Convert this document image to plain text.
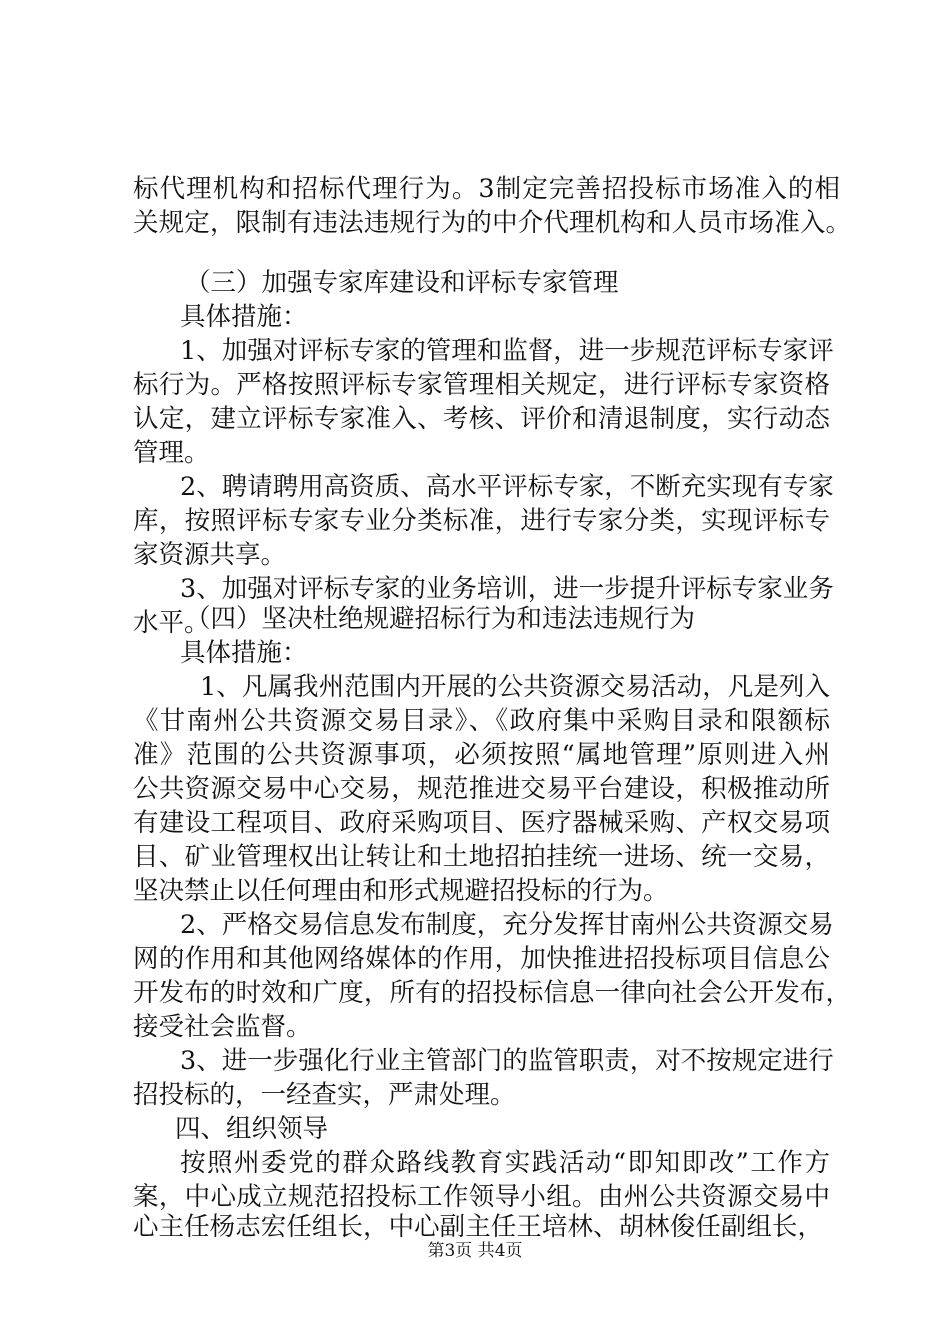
标代理机构和招标代理行为。3制定完善招投标市场准入的相
关规定，限制有违法违规行为的中介代理机构和人员市场准入。
（三）加强专家库建设和评标专家管理
具体措施：
1、加强对评标专家的管理和监督，进一步规范评标专家评
标行为。严格按照评标专家管理相关规定，进行评标专家资格
认定，建立评标专家准入、考核、评价和清退制度，实行动态
管理。
2、聘请聘用高资质、高水平评标专家，不断充实现有专家
库，按照评标专家专业分类标准，进行专家分类，实现评标专
家资源共享。
3、加强对评标专家的业务培训，进一步提升评标专家业务
水平。
（四）坚决杜绝规避招标行为和违法违规行为
具体措施：
1、凡属我州范围内开展的公共资源交易活动，凡是列入
《甘南州公共资源交易目录》、《政府集中采购目录和限额标
准》范围的公共资源事项，必须按照“属地管理”原则进入州
公共资源交易中心交易，规范推进交易平台建设，积极推动所
有建设工程项目、政府采购项目、医疗器械采购、产权交易项
目、矿业管理权出让转让和土地招拍挂统一进场、统一交易，
坚决禁止以任何理由和形式规避招投标的行为。
2、严格交易信息发布制度，充分发挥甘南州公共资源交易
网的作用和其他网络媒体的作用，加快推进招投标项目信息公
开发布的时效和广度，所有的招投标信息一律向社会公开发布，
接受社会监督。
3、进一步强化行业主管部门的监管职责，对不按规定进行
招投标的，一经查实，严肃处理。
四、组织领导
按照州委党的群众路线教育实践活动“即知即改”工作方
案，中心成立规范招投标工作领导小组。由州公共资源交易中
心主任杨志宏任组长，中心副主任王培林、胡林俊任副组长，
第3页 共4页
